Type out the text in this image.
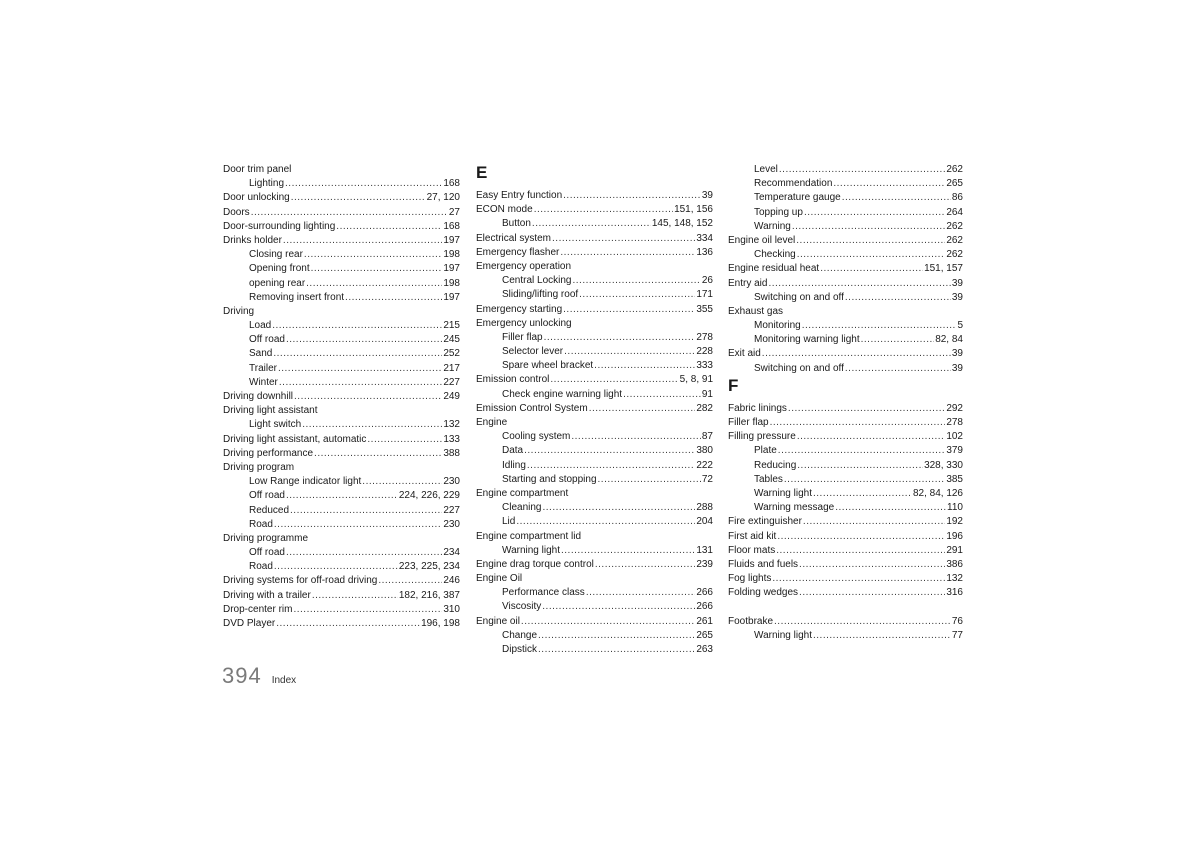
Door trim panel
Lighting .....	168
Door unlocking .....	27, 120
Doors .....	27
Door-surrounding lighting .....	168
Drinks holder .....	197
Closing rear .....	198
Opening front .....	197
opening rear .....	198
Removing insert front .....	197
Driving
Load .....	215
Off road .....	245
Sand .....	252
Trailer .....	217
Winter .....	227
Driving downhill .....	249
Driving light assistant
Light switch .....	132
Driving light assistant, automatic .....	133
Driving performance .....	388
Driving program
Low Range indicator light .....	230
Off road .....	224, 226, 229
Reduced .....	227
Road .....	230
Driving programme
Off road .....	234
Road .....	223, 225, 234
Driving systems for off-road driving .....	246
Driving with a trailer .....	182, 216, 387
Drop-center rim .....	310
DVD Player .....	196, 198
E
Easy Entry function .....	39
ECON mode .....	151, 156
Button .....	145, 148, 152
Electrical system .....	334
Emergency flasher .....	136
Emergency operation
Central Locking .....	26
Sliding/lifting roof .....	171
Emergency starting .....	355
Emergency unlocking
Filler flap .....	278
Selector lever .....	228
Spare wheel bracket .....	333
Emission control .....	5, 8, 91
Check engine warning light .....	91
Emission Control System .....	282
Engine
Cooling system .....	87
Data .....	380
Idling .....	222
Starting and stopping .....	72
Engine compartment
Cleaning .....	288
Lid .....	204
Engine compartment lid
Warning light .....	131
Engine drag torque control .....	239
Engine Oil
Performance class .....	266
Viscosity .....	266
Engine oil .....	261
Change .....	265
Dipstick .....	263
Level .....	262
Recommendation .....	265
Temperature gauge .....	86
Topping up .....	264
Warning .....	262
Engine oil level .....	262
Checking .....	262
Engine residual heat .....	151, 157
Entry aid .....	39
Switching on and off .....	39
Exhaust gas
Monitoring .....	5
Monitoring warning light .....	82, 84
Exit aid .....	39
Switching on and off .....	39
F
Fabric linings .....	292
Filler flap .....	278
Filling pressure .....	102
Plate .....	379
Reducing .....	328, 330
Tables .....	385
Warning light .....	82, 84, 126
Warning message .....	110
Fire extinguisher .....	192
First aid kit .....	196
Floor mats .....	291
Fluids and fuels .....	386
Fog lights .....	132
Folding wedges .....	316
Footbrake .....	76
Warning light .....	77
394 Index
